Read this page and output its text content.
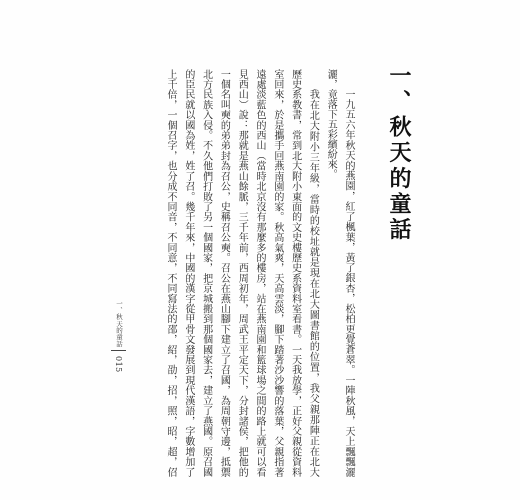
一、秋天的童話
一九五六年秋天的燕園，紅了楓葉，黃了銀杏，松柏更覺蒼翠。一陣秋風，天上飄飄灑
灑，竟落下五彩繽紛來。
我在北大附小三年級，當時的校址就是現在北大圖書館的位置，我父親那陣正在北大
歷史系教書，常到北大附小東面的文史樓歷史系資料室看書。一天我放學，正好父親從資料
室回來，於是攜手回燕南園的家。秋高氣爽，天高雲淡，腳下踏著沙沙響的落葉，父親指著
遠處淡藍色的西山（當時北京沒有那麼多的樓房，站在燕南園和籃球場之間的路上就可以看
見西山）說：那就是燕山餘脈，三千年前，西周初年，周武王平定天下，分封諸侯，把他的
一個名叫奭的弟弟封為召公，史稱召公奭。召公在燕山腳下建立了召國，為周朝守邊，抵禦
北方民族入侵。不久他們打敗了另一個國家，把京城搬到那個國家去，建立了燕國。原召國
的臣民就以國為姓，姓了召。幾千年來，中國的漢字從甲骨文發展到現代漢語，字數增加了
上千倍，一個召字，也分成不同音，不同意，不同寫法的邵，紹，劭，招，照，昭，超，佋
一、秋天的童話
015
